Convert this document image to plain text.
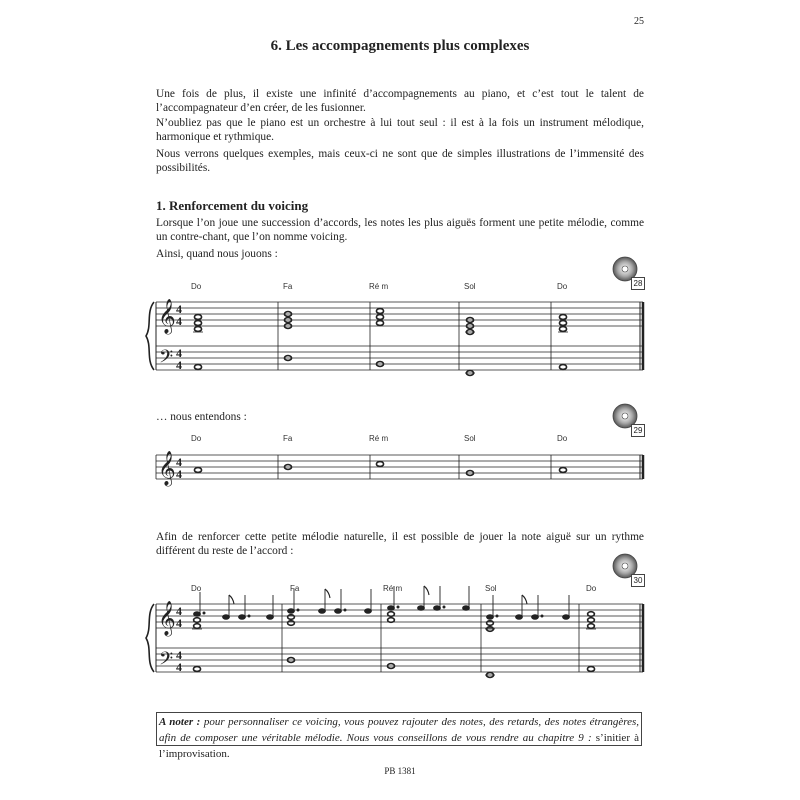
25
6. Les accompagnements plus complexes
Une fois de plus, il existe une infinité d’accompagnements au piano, et c’est tout le talent de l’accompagnateur d’en créer, de les fusionner.
N’oubliez pas que le piano est un orchestre à lui tout seul : il est à la fois un instrument mélodique, harmonique et rythmique.
Nous verrons quelques exemples, mais ceux-ci ne sont que de simples illustrations de l’immensité des possibilités.
1. Renforcement du voicing
Lorsque l’on joue une succession d’accords, les notes les plus aiguës forment une petite mélodie, comme un contre-chant, que l’on nomme voicing.
Ainsi, quand nous jouons :
… nous entendons :
Afin de renforcer cette petite mélodie naturelle, il est possible de jouer la note aiguë sur un rythme différent du reste de l’accord :
Do	Fa	Ré m	Sol	Do
Do	Fa	Ré m	Sol	Do
Do	Fa	Ré m	Sol	Do
28
29
30
𝄞
𝄢
𝄞
𝄞
𝄢
4
4
4
4
4
4
4
4
4
4
A noter : pour personnaliser ce voicing, vous pouvez rajouter des notes, des retards, des notes étrangères, afin de composer une véritable mélodie. Nous vous conseillons de vous rendre au chapitre 9 : s’initier à l’improvisation.
PB 1381
